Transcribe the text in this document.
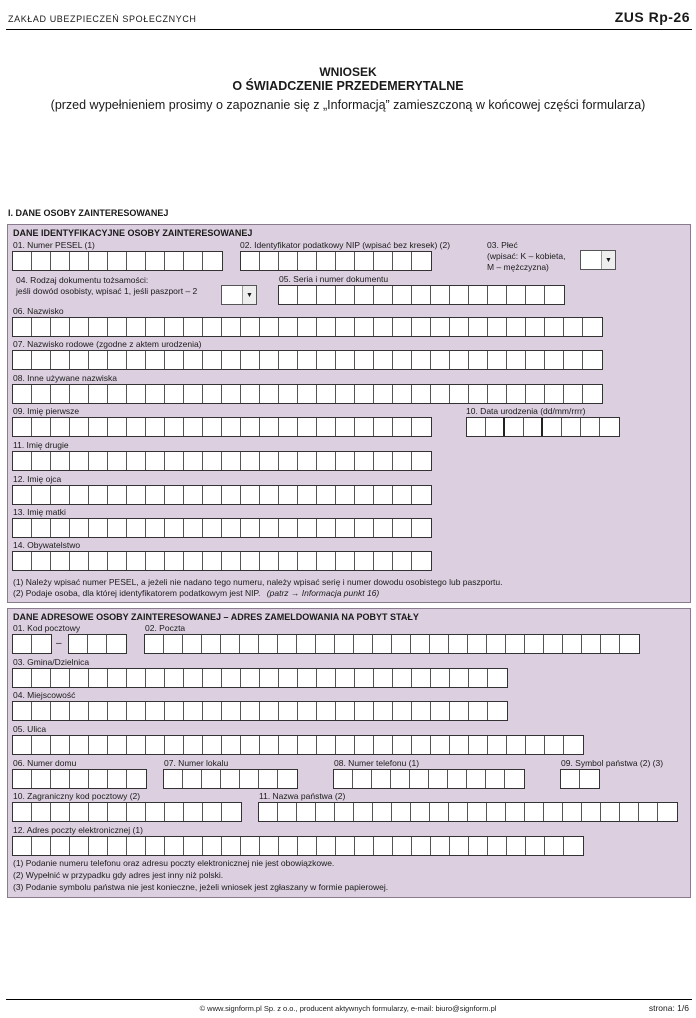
ZAKŁAD UBEZPIECZEŃ SPOŁECZNYCH	ZUS Rp-26
WNIOSEK
O ŚWIADCZENIE PRZEDEMERYTALNE
(przed wypełnieniem prosimy o zapoznanie się z „Informacją” zamieszczoną w końcowej części formularza)
I. DANE OSOBY ZAINTERESOWANEJ
DANE IDENTYFIKACYJNE OSOBY ZAINTERESOWANEJ
01. Numer PESEL (1)	02. Identyfikator podatkowy NIP (wpisać bez kresek) (2)	03. Płeć
(wpisać: K – kobieta,
M – mężczyzna)
▼
04. Rodzaj dokumentu tożsamości:
jeśli dowód osobisty, wpisać 1, jeśli paszport – 2	▼
05. Seria i numer dokumentu
06. Nazwisko
07. Nazwisko rodowe (zgodne z aktem urodzenia)
08. Inne używane nazwiska
09. Imię pierwsze	10. Data urodzenia (dd/mm/rrrr)
11. Imię drugie
12. Imię ojca
13. Imię matki
14. Obywatelstwo
(1) Należy wpisać numer PESEL, a jeżeli nie nadano tego numeru, należy wpisać serię i numer dowodu osobistego lub paszportu.
(2) Podaje osoba, dla której identyfikatorem podatkowym jest NIP. (patrz → Informacja punkt 16)
DANE ADRESOWE OSOBY ZAINTERESOWANEJ – ADRES ZAMELDOWANIA NA POBYT STAŁY
01. Kod pocztowy
–
02. Poczta
03. Gmina/Dzielnica
04. Miejscowość
05. Ulica
06. Numer domu	07. Numer lokalu	08. Numer telefonu (1)	09. Symbol państwa (2) (3)
10. Zagraniczny kod pocztowy (2)	11. Nazwa państwa (2)
12. Adres poczty elektronicznej (1)
(1) Podanie numeru telefonu oraz adresu poczty elektronicznej nie jest obowiązkowe.
(2) Wypełnić w przypadku gdy adres jest inny niż polski.
(3) Podanie symbolu państwa nie jest konieczne, jeżeli wniosek jest zgłaszany w formie papierowej.
© www.signform.pl Sp. z o.o., producent aktywnych formularzy, e-mail: biuro@signform.pl	strona: 1/6
